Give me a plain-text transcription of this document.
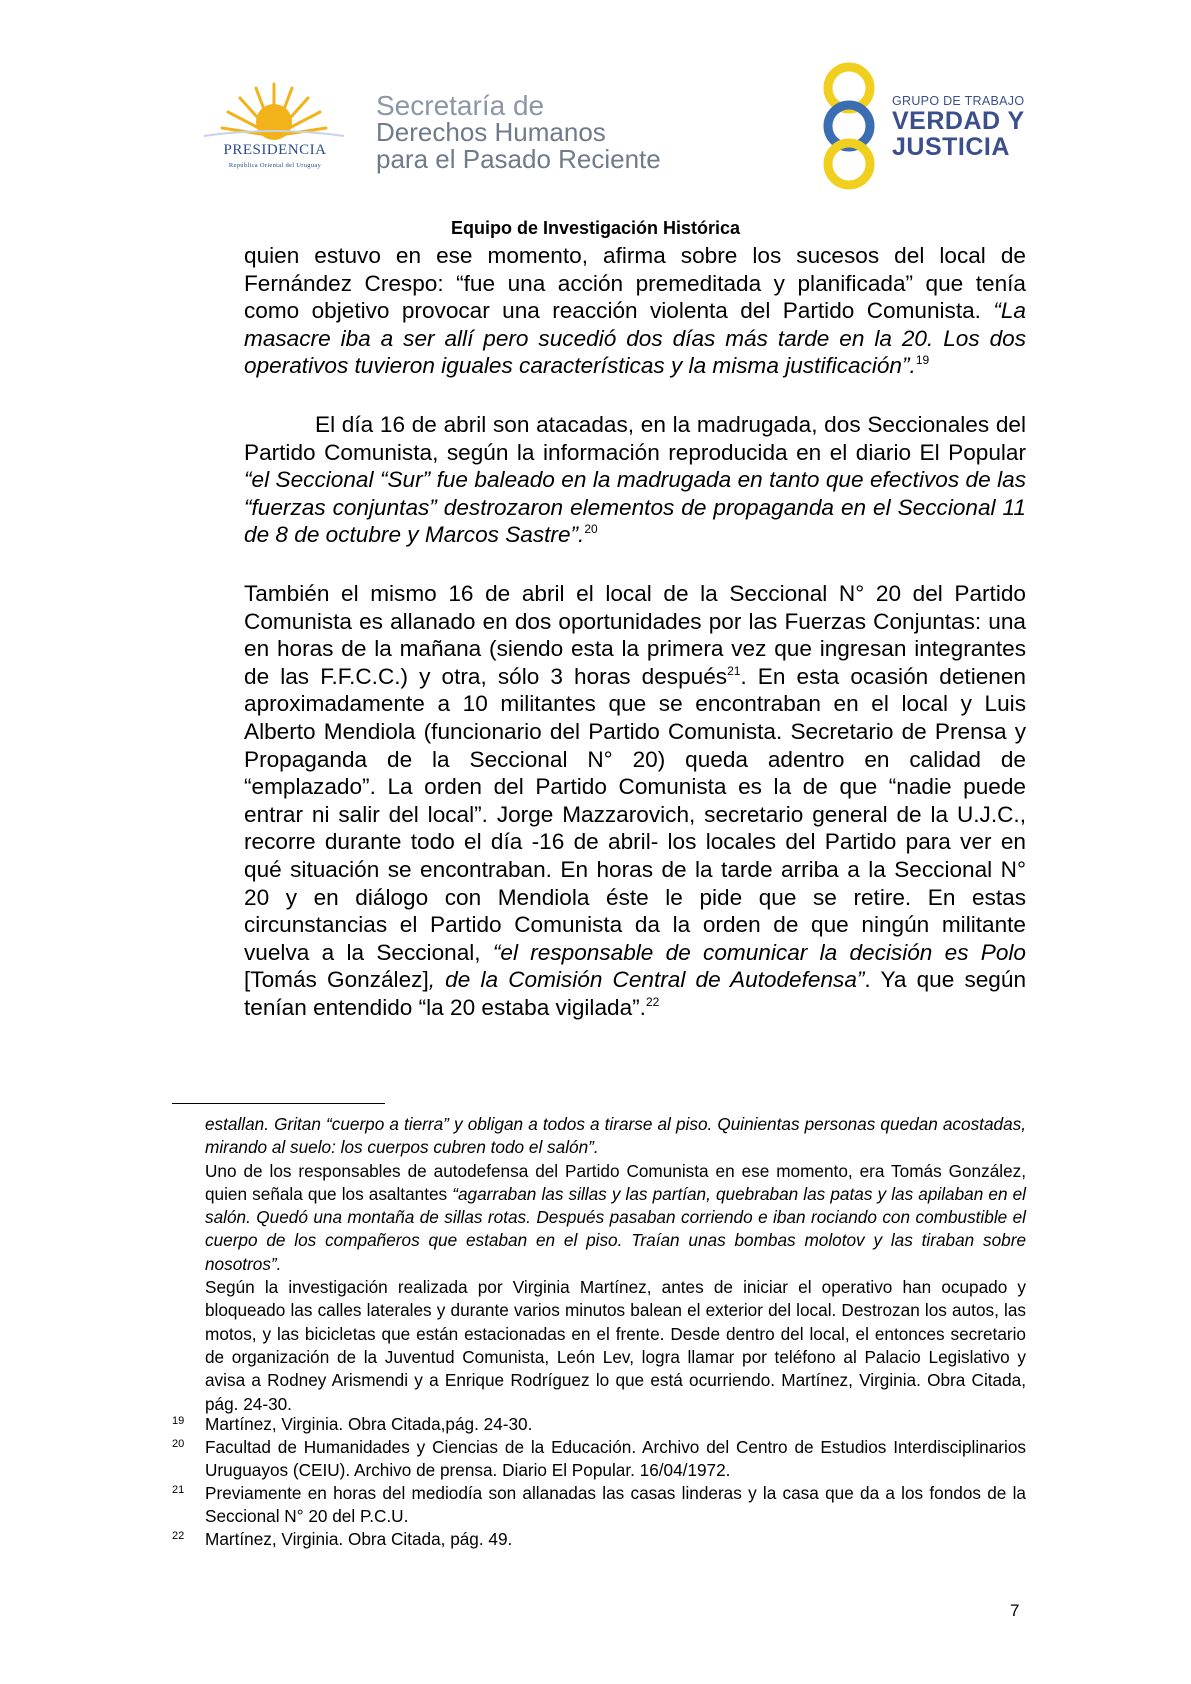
PRESIDENCIA
República Oriental del Uruguay
Secretaría de
Derechos Humanos
para el Pasado Reciente
GRUPO DE TRABAJO
VERDAD Y
JUSTICIA
Equipo de Investigación Histórica

quien estuvo en ese momento, afirma sobre los sucesos del local de Fernández Crespo: “fue una acción premeditada y planificada” que tenía como objetivo provocar una reacción violenta del Partido Comunista. “La masacre iba a ser allí pero sucedió dos días más tarde en la 20. Los dos operativos tuvieron iguales características y la misma justificación”.$^{19}$

El día 16 de abril son atacadas, en la madrugada, dos Seccionales del Partido Comunista, según la información reproducida en el diario El Popular “el Seccional “Sur” fue baleado en la madrugada en tanto que efectivos de las “fuerzas conjuntas” destrozaron elementos de propaganda en el Seccional 11 de 8 de octubre y Marcos Sastre”.$^{20}$

También el mismo 16 de abril el local de la Seccional N° 20 del Partido Comunista es allanado en dos oportunidades por las Fuerzas Conjuntas: una en horas de la mañana (siendo esta la primera vez que ingresan integrantes de las F.F.C.C.) y otra, sólo 3 horas después$^{21}$. En esta ocasión detienen aproximadamente a 10 militantes que se encontraban en el local y Luis Alberto Mendiola (funcionario del Partido Comunista. Secretario de Prensa y Propaganda de la Seccional N° 20) queda adentro en calidad de “emplazado”. La orden del Partido Comunista es la de que “nadie puede entrar ni salir del local”. Jorge Mazzarovich, secretario general de la U.J.C., recorre durante todo el día -16 de abril- los locales del Partido para ver en qué situación se encontraban. En horas de la tarde arriba a la Seccional N° 20 y en diálogo con Mendiola éste le pide que se retire. En estas circunstancias el Partido Comunista da la orden de que ningún militante vuelva a la Seccional, “el responsable de comunicar la decisión es Polo [Tomás González], de la Comisión Central de Autodefensa”. Ya que según tenían entendido “la 20 estaba vigilada”.$^{22}$

estallan. Gritan “cuerpo a tierra” y obligan a todos a tirarse al piso. Quinientas personas quedan acostadas, mirando al suelo: los cuerpos cubren todo el salón”.

Uno de los responsables de autodefensa del Partido Comunista en ese momento, era Tomás González, quien señala que los asaltantes “agarraban las sillas y las partían, quebraban las patas y las apilaban en el salón. Quedó una montaña de sillas rotas. Después pasaban corriendo e iban rociando con combustible el cuerpo de los compañeros que estaban en el piso. Traían unas bombas molotov y las tiraban sobre nosotros”.

Según la investigación realizada por Virginia Martínez, antes de iniciar el operativo han ocupado y bloqueado las calles laterales y durante varios minutos balean el exterior del local. Destrozan los autos, las motos, y las bicicletas que están estacionadas en el frente. Desde dentro del local, el entonces secretario de organización de la Juventud Comunista, León Lev, logra llamar por teléfono al Palacio Legislativo y avisa a Rodney Arismendi y a Enrique Rodríguez lo que está ocurriendo. Martínez, Virginia. Obra Citada, pág. 24-30.

19 Martínez, Virginia. Obra Citada,pág. 24-30.
20 Facultad de Humanidades y Ciencias de la Educación. Archivo del Centro de Estudios Interdisciplinarios Uruguayos (CEIU). Archivo de prensa. Diario El Popular. 16/04/1972.
21 Previamente en horas del mediodía son allanadas las casas linderas y la casa que da a los fondos de la Seccional N° 20 del P.C.U.
22 Martínez, Virginia. Obra Citada, pág. 49.
7
